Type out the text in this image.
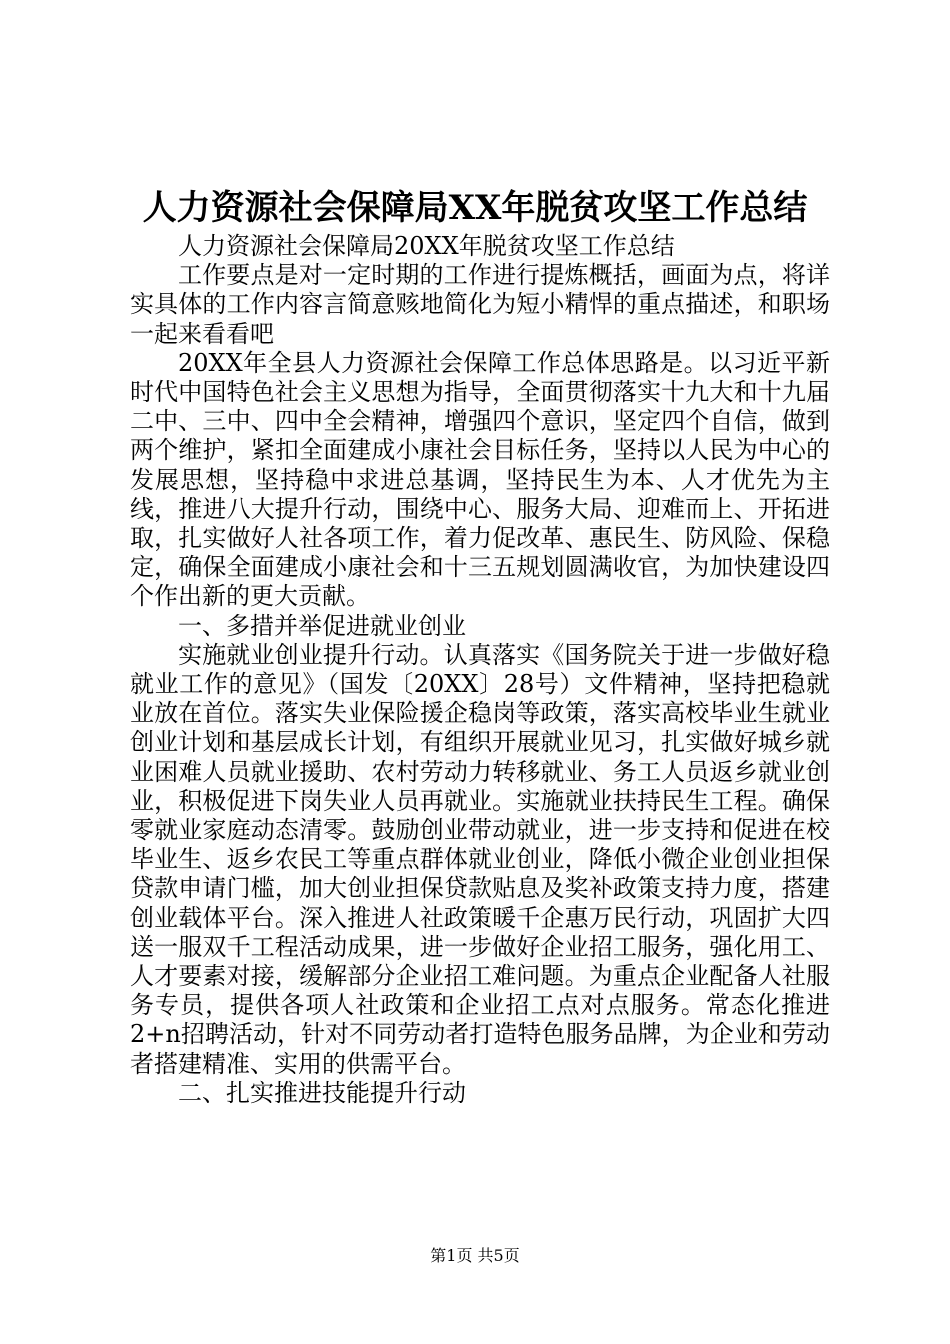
人力资源社会保障局XX年脱贫攻坚工作总结

人力资源社会保障局20XX年脱贫攻坚工作总结

工作要点是对一定时期的工作进行提炼概括，画面为点，将详实具体的工作内容言简意赅地简化为短小精悍的重点描述，和职场一起来看看吧

20XX年全县人力资源社会保障工作总体思路是。以习近平新时代中国特色社会主义思想为指导，全面贯彻落实十九大和十九届二中、三中、四中全会精神，增强四个意识，坚定四个自信，做到两个维护，紧扣全面建成小康社会目标任务，坚持以人民为中心的发展思想，坚持稳中求进总基调，坚持民生为本、人才优先为主线，推进八大提升行动，围绕中心、服务大局、迎难而上、开拓进取，扎实做好人社各项工作，着力促改革、惠民生、防风险、保稳定，确保全面建成小康社会和十三五规划圆满收官，为加快建设四个作出新的更大贡献。

一、多措并举促进就业创业

实施就业创业提升行动。认真落实《国务院关于进一步做好稳就业工作的意见》（国发〔20XX〕28号）文件精神，坚持把稳就业放在首位。落实失业保险援企稳岗等政策，落实高校毕业生就业创业计划和基层成长计划，有组织开展就业见习，扎实做好城乡就业困难人员就业援助、农村劳动力转移就业、务工人员返乡就业创业，积极促进下岗失业人员再就业。实施就业扶持民生工程。确保零就业家庭动态清零。鼓励创业带动就业，进一步支持和促进在校毕业生、返乡农民工等重点群体就业创业，降低小微企业创业担保贷款申请门槛，加大创业担保贷款贴息及奖补政策支持力度，搭建创业载体平台。深入推进人社政策暖千企惠万民行动，巩固扩大四送一服双千工程活动成果，进一步做好企业招工服务，强化用工、人才要素对接，缓解部分企业招工难问题。为重点企业配备人社服务专员，提供各项人社政策和企业招工点对点服务。常态化推进2+n招聘活动，针对不同劳动者打造特色服务品牌，为企业和劳动者搭建精准、实用的供需平台。

二、扎实推进技能提升行动

第1页 共5页
